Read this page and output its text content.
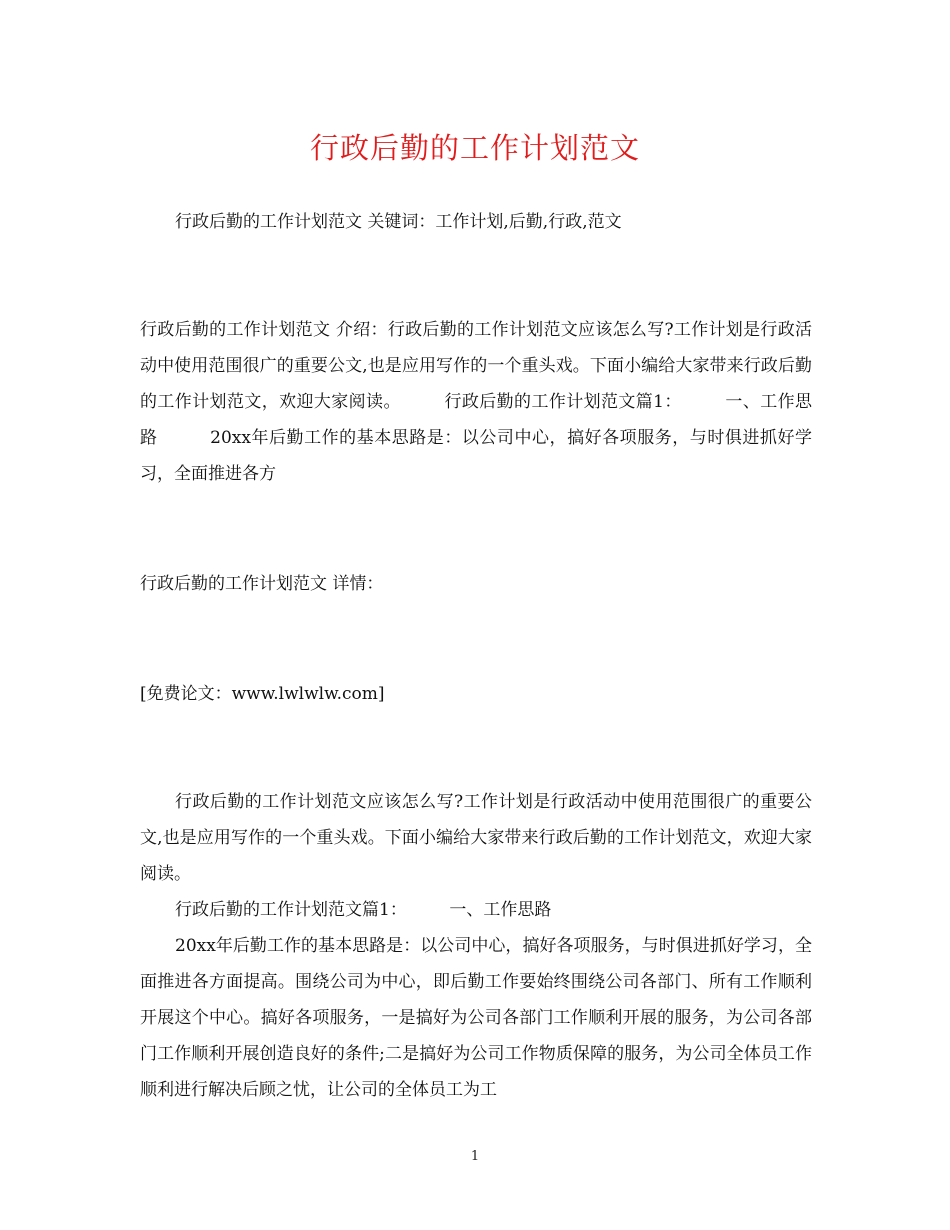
行政后勤的工作计划范文

行政后勤的工作计划范文 关键词：工作计划,后勤,行政,范文

行政后勤的工作计划范文 介绍：行政后勤的工作计划范文应该怎么写?工作计划是行政活动中使用范围很广的重要公文,也是应用写作的一个重头戏。下面小编给大家带来行政后勤的工作计划范文，欢迎大家阅读。　　　行政后勤的工作计划范文篇1：　　　一、工作思路　　　20xx年后勤工作的基本思路是：以公司中心，搞好各项服务，与时俱进抓好学习，全面推进各方

行政后勤的工作计划范文 详情：

[免费论文：www.lwlwlw.com]

行政后勤的工作计划范文应该怎么写?工作计划是行政活动中使用范围很广的重要公文,也是应用写作的一个重头戏。下面小编给大家带来行政后勤的工作计划范文，欢迎大家阅读。

行政后勤的工作计划范文篇1：　　　一、工作思路

20xx年后勤工作的基本思路是：以公司中心，搞好各项服务，与时俱进抓好学习，全面推进各方面提高。围绕公司为中心，即后勤工作要始终围绕公司各部门、所有工作顺利开展这个中心。搞好各项服务，一是搞好为公司各部门工作顺利开展的服务，为公司各部门工作顺利开展创造良好的条件;二是搞好为公司工作物质保障的服务，为公司全体员工作顺利进行解决后顾之忧，让公司的全体员工为工

1
